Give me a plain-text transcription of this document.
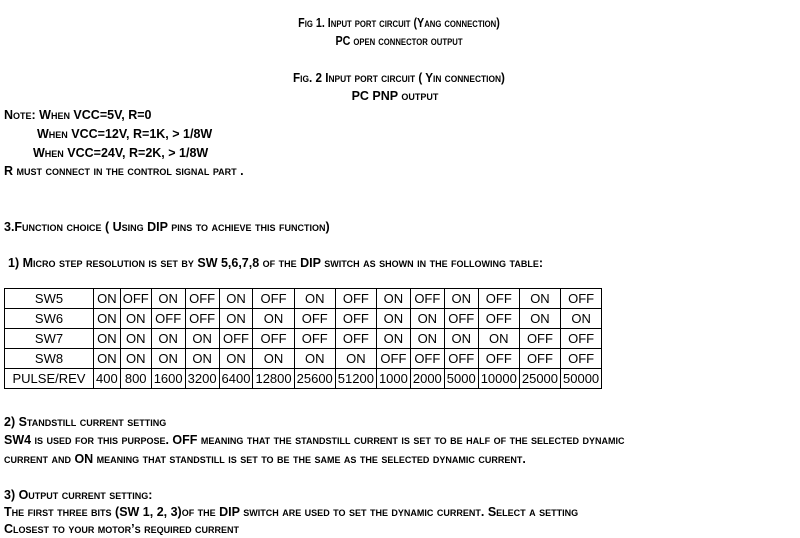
Fig 1. Input port circuit (Yang connection)

PC open connector output

Fig. 2 Input port circuit ( Yin connection)

PC PNP output

Note: When VCC=5V, R=0

When VCC=12V, R=1K, > 1/8W

When VCC=24V, R=2K, > 1/8W

R must connect in the control signal part .

3.Function choice ( Using DIP pins to achieve this function)

1) Micro step resolution is set by SW 5,6,7,8 of the DIP switch as shown in the following table:

SW5	ON	OFF	ON	OFF	ON	OFF	ON	OFF	ON	OFF	ON	OFF	ON	OFF
SW6	ON	ON	OFF	OFF	ON	ON	OFF	OFF	ON	ON	OFF	OFF	ON	ON
SW7	ON	ON	ON	ON	OFF	OFF	OFF	OFF	ON	ON	ON	ON	OFF	OFF
SW8	ON	ON	ON	ON	ON	ON	ON	ON	OFF	OFF	OFF	OFF	OFF	OFF
PULSE/REV	400	800	1600	3200	6400	12800	25600	51200	1000	2000	5000	10000	25000	50000

2) Standstill current setting

SW4 is used for this purpose. OFF meaning that the standstill current is set to be half of the selected dynamic

current and ON meaning that standstill is set to be the same as the selected dynamic current.

3) Output current setting:

The first three bits (SW 1, 2, 3)of the DIP switch are used to set the dynamic current. Select a setting

Closest to your motor’s required current
